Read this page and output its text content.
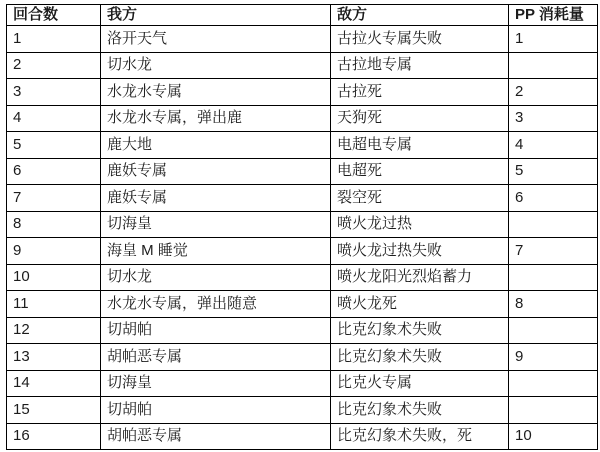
回合数	我方	敌方	PP 消耗量
1	洛开天气	古拉火专属失败	1
2	切水龙	古拉地专属	
3	水龙水专属	古拉死	2
4	水龙水专属，弹出鹿	天狗死	3
5	鹿大地	电超电专属	4
6	鹿妖专属	电超死	5
7	鹿妖专属	裂空死	6
8	切海皇	喷火龙过热	
9	海皇 M 睡觉	喷火龙过热失败	7
10	切水龙	喷火龙阳光烈焰蓄力	
11	水龙水专属，弹出随意	喷火龙死	8
12	切胡帕	比克幻象术失败	
13	胡帕恶专属	比克幻象术失败	9
14	切海皇	比克火专属	
15	切胡帕	比克幻象术失败	
16	胡帕恶专属	比克幻象术失败，死	10
